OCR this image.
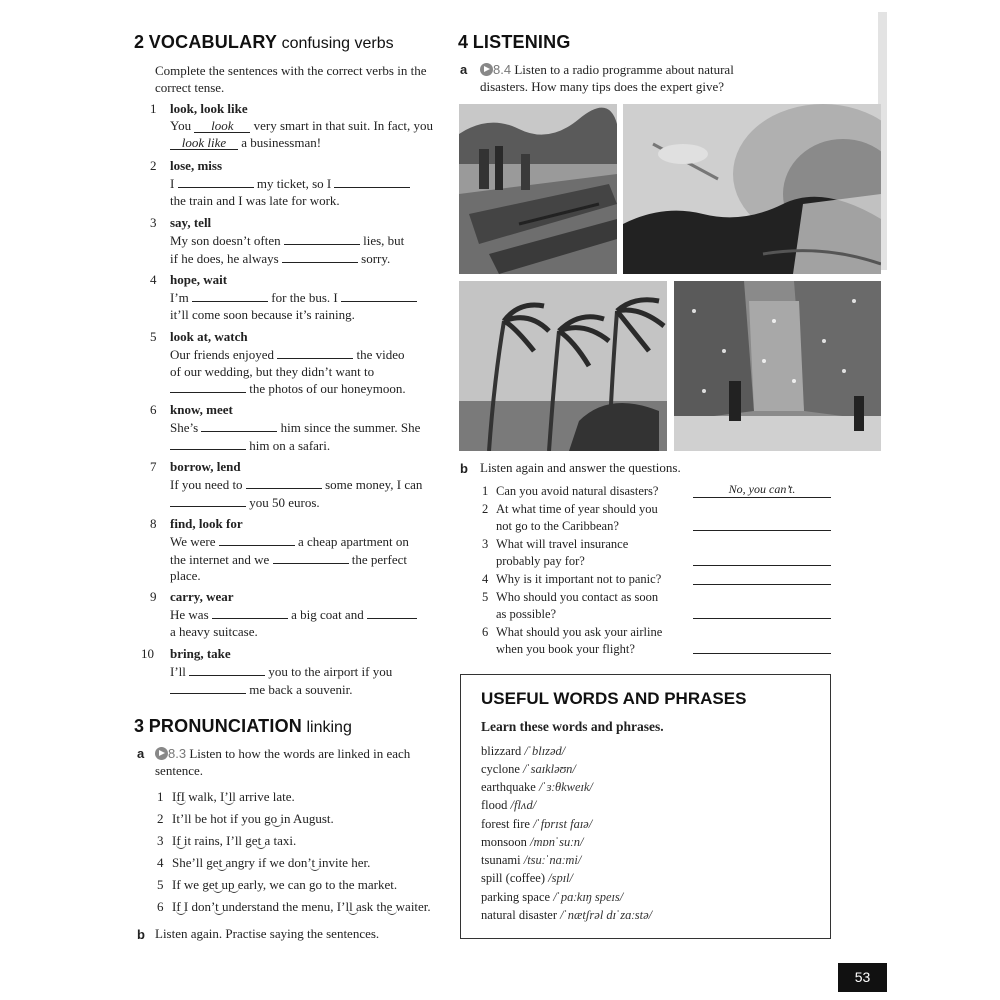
2 VOCABULARY confusing verbs
Complete the sentences with the correct verbs in the correct tense.
1 look, look like
You look very smart in that suit. In fact, you
look like a businessman!
2 lose, miss
I	my ticket, so I
the train and I was late for work.
3 say, tell
My son doesn’t often	lies, but
if he does, he always	sorry.
4 hope, wait
I’m	for the bus. I
it’ll come soon because it’s raining.
5 look at, watch
Our friends enjoyed	the video
of our wedding, but they didn’t want to
the photos of our honeymoon.
6 know, meet
She’s	him since the summer. She
him on a safari.
7 borrow, lend
If you need to	some money, I can
you 50 euros.
8 find, look for
We were	a cheap apartment on
the internet and we	the perfect
place.
9 carry, wear
He was	a big coat and
a heavy suitcase.
10 bring, take
I’ll	you to the airport if you
me back a souvenir.
3 PRONUNCIATION linking
a	8.3 Listen to how the words are linked in each sentence.
1 IfI walk, I’ll arrive late.
2 It’ll be hot if you go in August.
3 If it rains, I’ll get a taxi.
4 She’ll get angry if we don’t invite her.
5 If we get up early, we can go to the market.
6 If I don’t understand the menu, I’ll ask the waiter.
b Listen again. Practise saying the sentences.
4 LISTENING
a	8.4 Listen to a radio programme about natural
disasters. How many tips does the expert give?
b Listen again and answer the questions.
1 Can you avoid natural disasters?	No, you can’t.
2 At what time of year should you
not go to the Caribbean?
3 What will travel insurance
probably pay for?
4 Why is it important not to panic?
5 Who should you contact as soon
as possible?
6 What should you ask your airline
when you book your flight?
USEFUL WORDS AND PHRASES
Learn these words and phrases.
blizzard /ˈblɪzəd/
cyclone /ˈsaɪkləʊn/
earthquake /ˈɜːθkweɪk/
flood /flʌd/
forest fire /ˈfɒrɪst faɪə/
monsoon /mɒnˈsuːn/
tsunami /tsuːˈnɑːmi/
spill (coffee) /spɪl/
parking space /ˈpɑːkɪŋ speɪs/
natural disaster /ˈnætʃrəl dɪˈzɑːstə/
53
